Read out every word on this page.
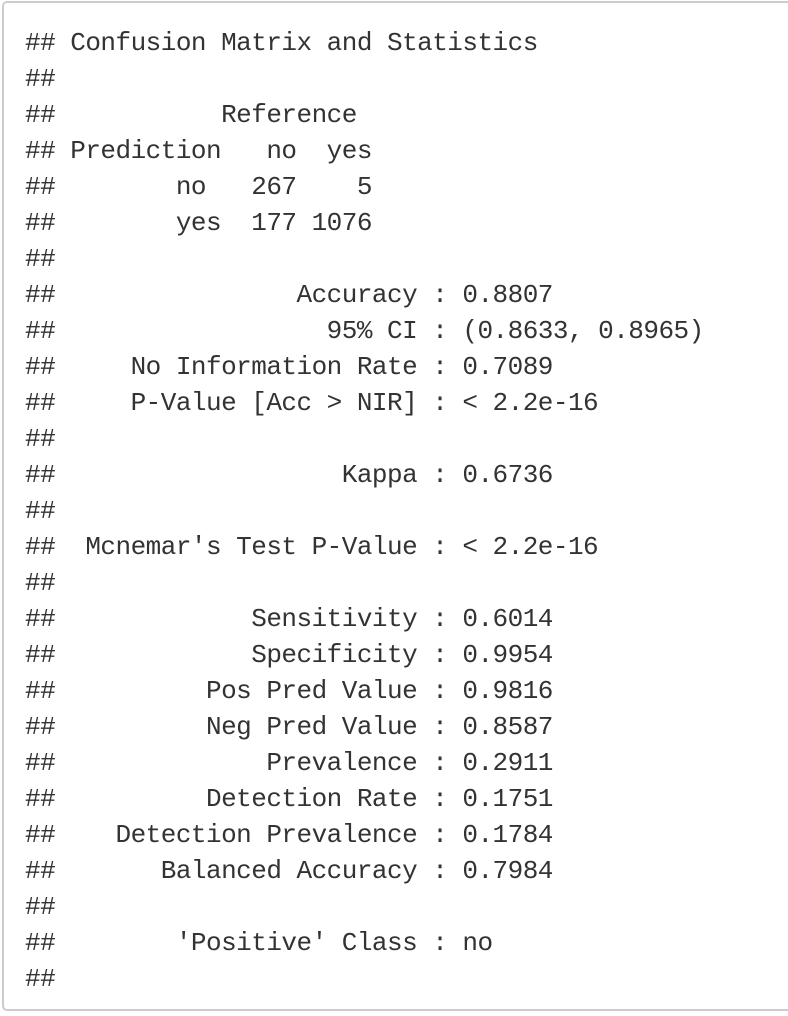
## Confusion Matrix and Statistics
##
##           Reference
## Prediction   no  yes
##        no   267    5
##        yes  177 1076
##
##                Accuracy : 0.8807
##                  95% CI : (0.8633, 0.8965)
##     No Information Rate : 0.7089
##     P-Value [Acc > NIR] : < 2.2e-16
##
##                   Kappa : 0.6736
##
##  Mcnemar's Test P-Value : < 2.2e-16
##
##             Sensitivity : 0.6014
##             Specificity : 0.9954
##          Pos Pred Value : 0.9816
##          Neg Pred Value : 0.8587
##              Prevalence : 0.2911
##          Detection Rate : 0.1751
##    Detection Prevalence : 0.1784
##       Balanced Accuracy : 0.7984
##
##        'Positive' Class : no
##
